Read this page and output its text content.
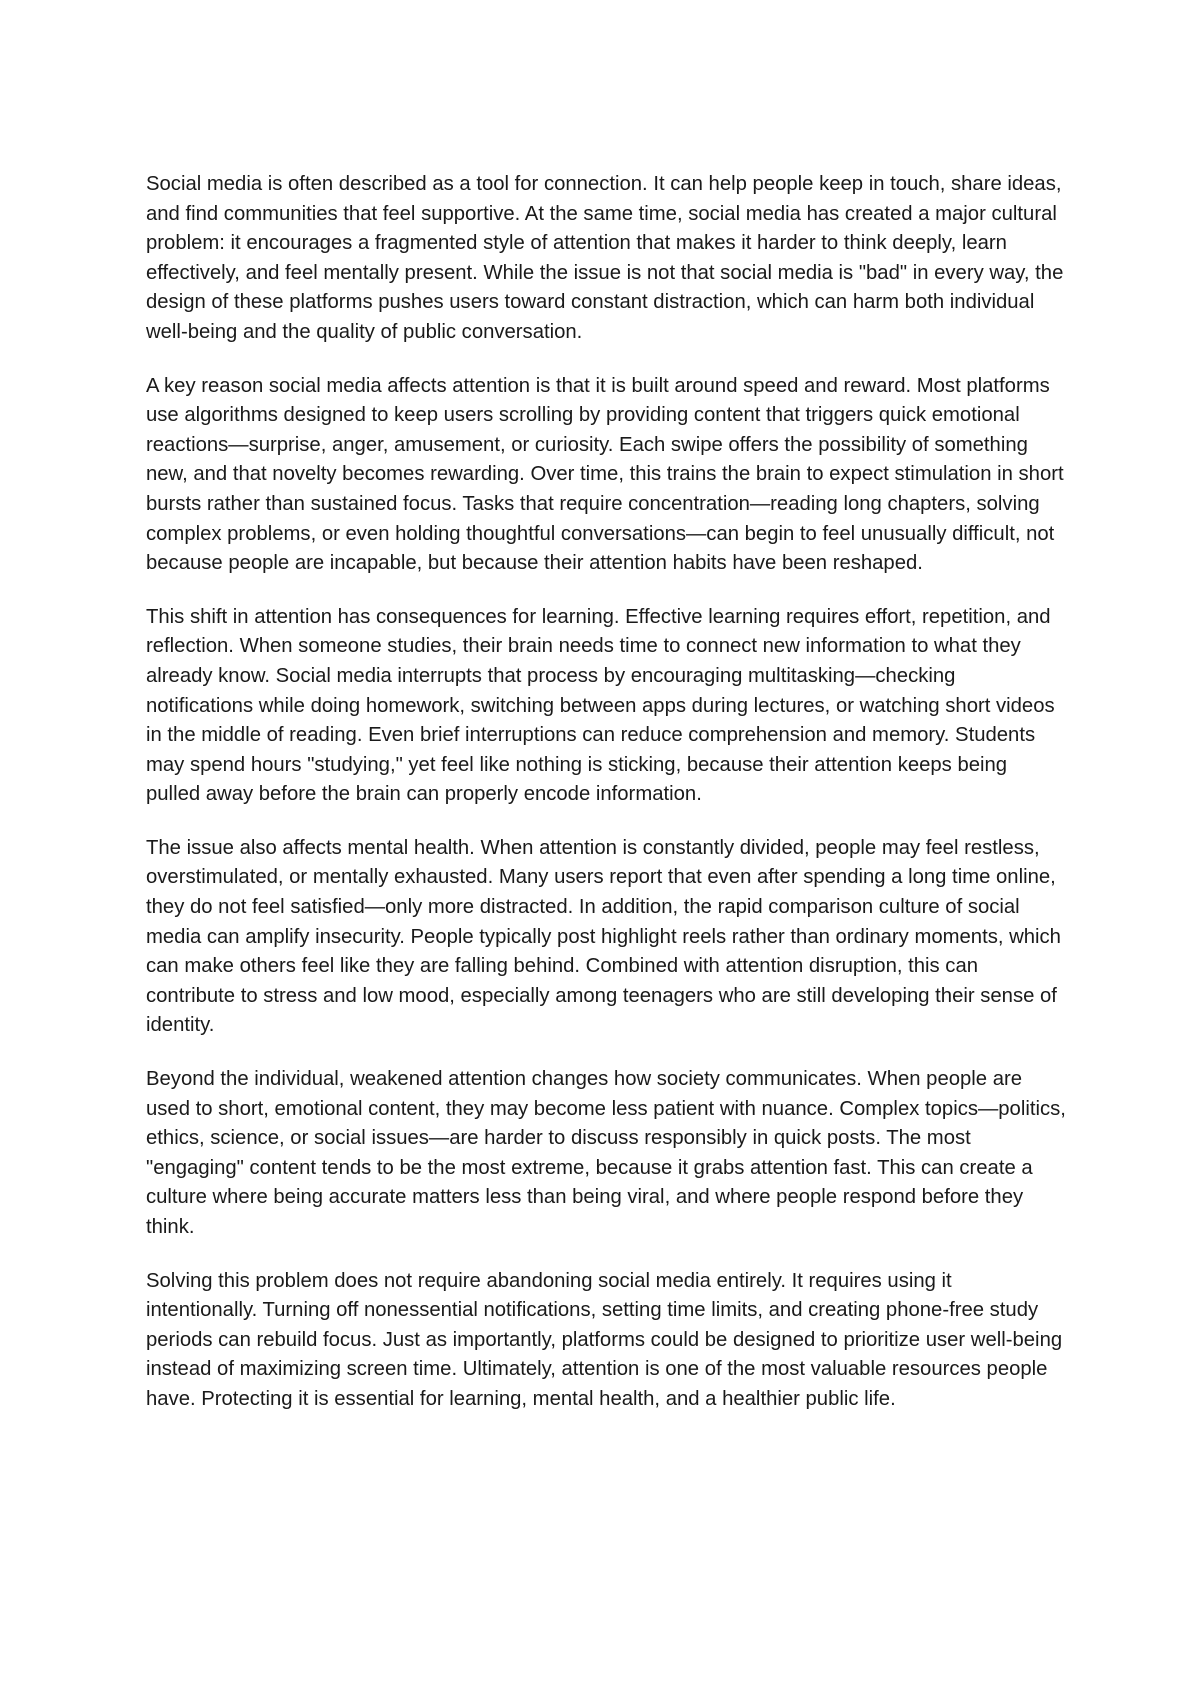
Social media is often described as a tool for connection. It can help people keep in touch, share ideas, and find communities that feel supportive. At the same time, social media has created a major cultural problem: it encourages a fragmented style of attention that makes it harder to think deeply, learn effectively, and feel mentally present. While the issue is not that social media is "bad" in every way, the design of these platforms pushes users toward constant distraction, which can harm both individual well-being and the quality of public conversation.

A key reason social media affects attention is that it is built around speed and reward. Most platforms use algorithms designed to keep users scrolling by providing content that triggers quick emotional reactions—surprise, anger, amusement, or curiosity. Each swipe offers the possibility of something new, and that novelty becomes rewarding. Over time, this trains the brain to expect stimulation in short bursts rather than sustained focus. Tasks that require concentration—reading long chapters, solving complex problems, or even holding thoughtful conversations—can begin to feel unusually difficult, not because people are incapable, but because their attention habits have been reshaped.

This shift in attention has consequences for learning. Effective learning requires effort, repetition, and reflection. When someone studies, their brain needs time to connect new information to what they already know. Social media interrupts that process by encouraging multitasking—checking notifications while doing homework, switching between apps during lectures, or watching short videos in the middle of reading. Even brief interruptions can reduce comprehension and memory. Students may spend hours "studying," yet feel like nothing is sticking, because their attention keeps being pulled away before the brain can properly encode information.

The issue also affects mental health. When attention is constantly divided, people may feel restless, overstimulated, or mentally exhausted. Many users report that even after spending a long time online, they do not feel satisfied—only more distracted. In addition, the rapid comparison culture of social media can amplify insecurity. People typically post highlight reels rather than ordinary moments, which can make others feel like they are falling behind. Combined with attention disruption, this can contribute to stress and low mood, especially among teenagers who are still developing their sense of identity.

Beyond the individual, weakened attention changes how society communicates. When people are used to short, emotional content, they may become less patient with nuance. Complex topics—politics, ethics, science, or social issues—are harder to discuss responsibly in quick posts. The most "engaging" content tends to be the most extreme, because it grabs attention fast. This can create a culture where being accurate matters less than being viral, and where people respond before they think.

Solving this problem does not require abandoning social media entirely. It requires using it intentionally. Turning off nonessential notifications, setting time limits, and creating phone-free study periods can rebuild focus. Just as importantly, platforms could be designed to prioritize user well-being instead of maximizing screen time. Ultimately, attention is one of the most valuable resources people have. Protecting it is essential for learning, mental health, and a healthier public life.
